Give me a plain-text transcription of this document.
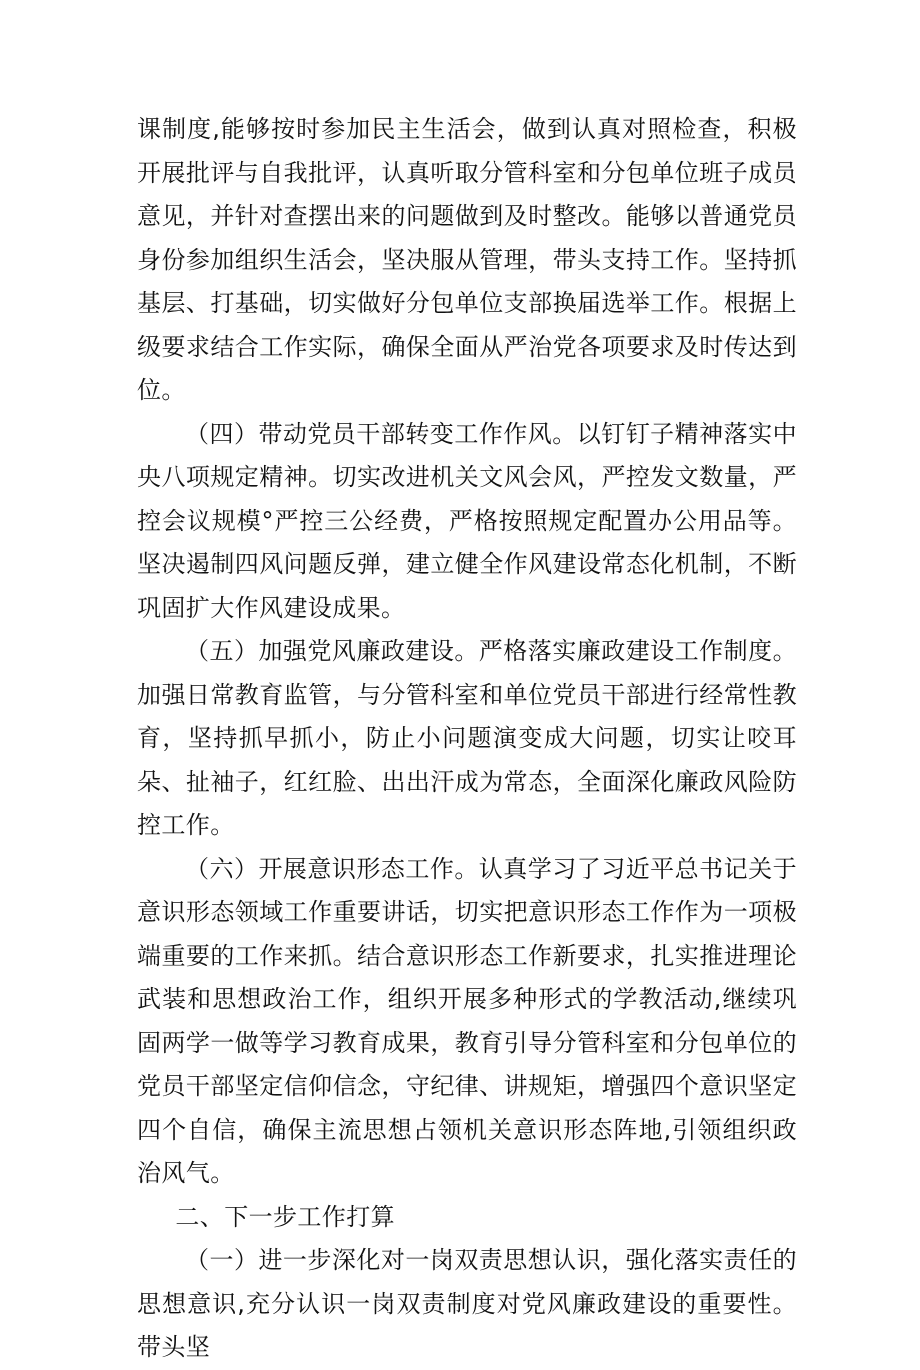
课制度,能够按时参加民主生活会，做到认真对照检查，积极开展批评与自我批评，认真听取分管科室和分包单位班子成员意见，并针对查摆出来的问题做到及时整改。能够以普通党员身份参加组织生活会，坚决服从管理，带头支持工作。坚持抓基层、打基础，切实做好分包单位支部换届选举工作。根据上级要求结合工作实际，确保全面从严治党各项要求及时传达到位。

（四）带动党员干部转变工作作风。以钉钉子精神落实中央八项规定精神。切实改进机关文风会风，严控发文数量，严控会议规模°严控三公经费，严格按照规定配置办公用品等。坚决遏制四风问题反弹，建立健全作风建设常态化机制，不断巩固扩大作风建设成果。

（五）加强党风廉政建设。严格落实廉政建设工作制度。加强日常教育监管，与分管科室和单位党员干部进行经常性教育，坚持抓早抓小，防止小问题演变成大问题，切实让咬耳朵、扯袖子，红红脸、出出汗成为常态，全面深化廉政风险防控工作。

（六）开展意识形态工作。认真学习了习近平总书记关于意识形态领域工作重要讲话，切实把意识形态工作作为一项极端重要的工作来抓。结合意识形态工作新要求，扎实推进理论武装和思想政治工作，组织开展多种形式的学教活动,继续巩固两学一做等学习教育成果，教育引导分管科室和分包单位的党员干部坚定信仰信念，守纪律、讲规矩，增强四个意识坚定四个自信，确保主流思想占领机关意识形态阵地,引领组织政治风气。

二、下一步工作打算

（一）进一步深化对一岗双责思想认识，强化落实责任的思想意识,充分认识一岗双责制度对党风廉政建设的重要性。带头坚
